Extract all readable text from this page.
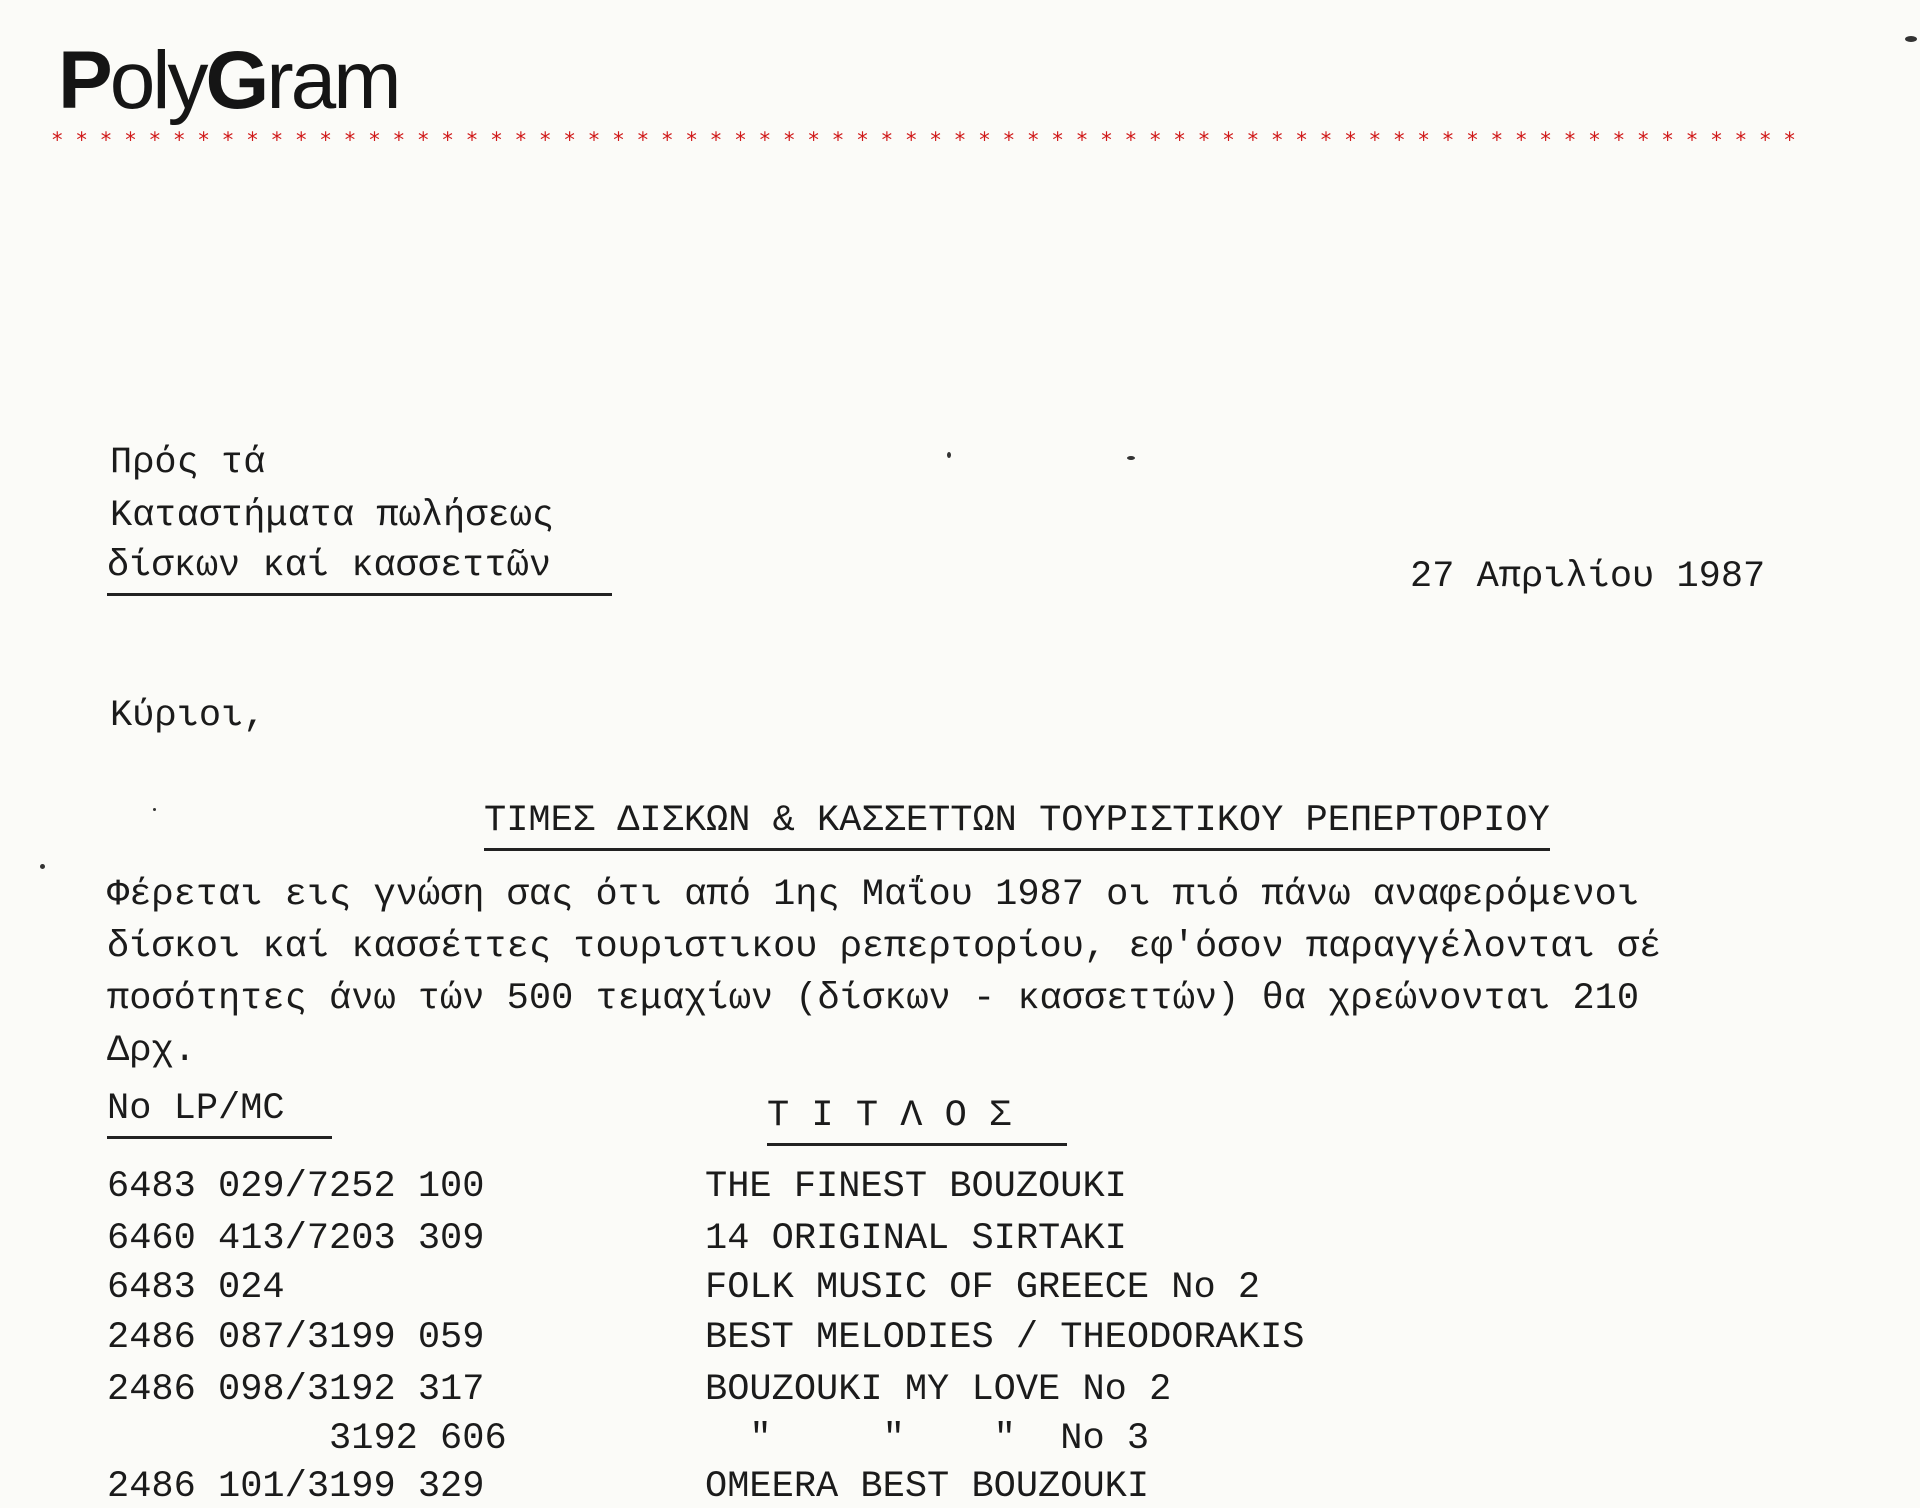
PolyGram
************************************************************************
Πρός τά
Καταστήματα πωλήσεως
δίσκων καί κασσεττῶν	27 Απριλίου 1987
Κύριοι,
ΤΙΜΕΣ ΔΙΣΚΩΝ & ΚΑΣΣΕΤΤΩΝ ΤΟΥΡΙΣΤΙΚΟΥ ΡΕΠΕΡΤΟΡΙΟΥ
Φέρεται εις γνώση σας ότι από 1ης Μαΐου 1987 οι πιό πάνω αναφερόμενοι
δίσκοι καί κασσέττες τουριστικου ρεπερτορίου, εφ'όσον παραγγέλονται σέ
ποσότητες άνω τών 500 τεμαχίων (δίσκων - κασσεττών) θα χρεώνονται 210
Δρχ.
No LP/MC	Τ Ι Τ Λ Ο Σ
6483 029/7252 100	THE FINEST BOUZOUKI
6460 413/7203 309	14 ORIGINAL SIRTAKI
6483 024	FOLK MUSIC OF GREECE No 2
2486 087/3199 059	BEST MELODIES / THEODORAKIS
2486 098/3192 317	BOUZOUKI MY LOVE No 2
3192 606	"     "    "  No 3
2486 101/3199 329	OMEERA BEST BOUZOUKI
